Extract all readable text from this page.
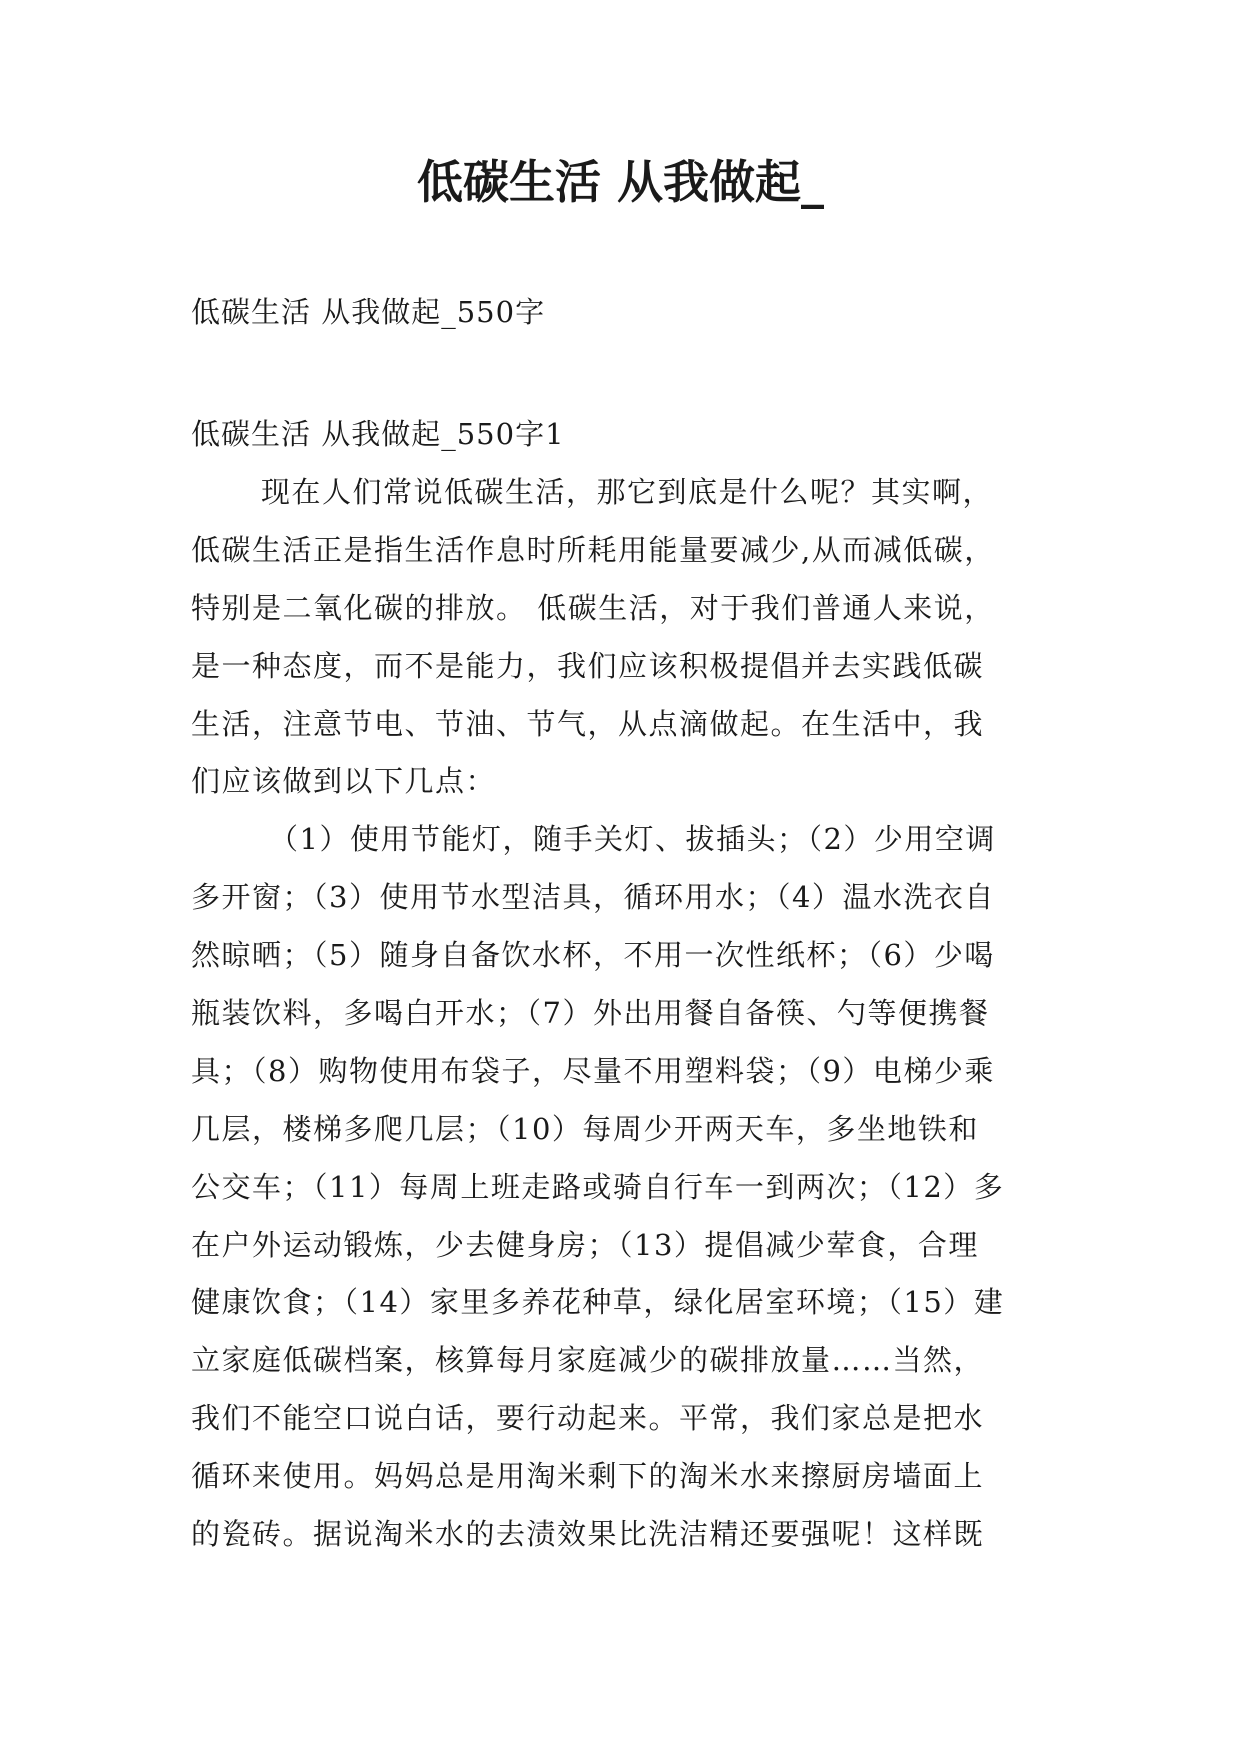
低碳生活 从我做起_
低碳生活 从我做起_550字
低碳生活 从我做起_550字1
现在人们常说低碳生活，那它到底是什么呢？其实啊，
低碳生活正是指生活作息时所耗用能量要减少,从而减低碳，
特别是二氧化碳的排放。 低碳生活，对于我们普通人来说，
是一种态度，而不是能力，我们应该积极提倡并去实践低碳
生活，注意节电、节油、节气，从点滴做起。在生活中，我
们应该做到以下几点：
（1）使用节能灯，随手关灯、拔插头；（2）少用空调
多开窗；（3）使用节水型洁具，循环用水；（4）温水洗衣自
然晾晒；（5）随身自备饮水杯，不用一次性纸杯；（6）少喝
瓶装饮料，多喝白开水；（7）外出用餐自备筷、勺等便携餐
具；（8）购物使用布袋子，尽量不用塑料袋；（9）电梯少乘
几层，楼梯多爬几层；（10）每周少开两天车，多坐地铁和
公交车；（11）每周上班走路或骑自行车一到两次；（12）多
在户外运动锻炼，少去健身房；（13）提倡减少荤食，合理
健康饮食；（14）家里多养花种草，绿化居室环境；（15）建
立家庭低碳档案，核算每月家庭减少的碳排放量……当然，
我们不能空口说白话，要行动起来。平常，我们家总是把水
循环来使用。妈妈总是用淘米剩下的淘米水来擦厨房墙面上
的瓷砖。据说淘米水的去渍效果比洗洁精还要强呢！这样既
